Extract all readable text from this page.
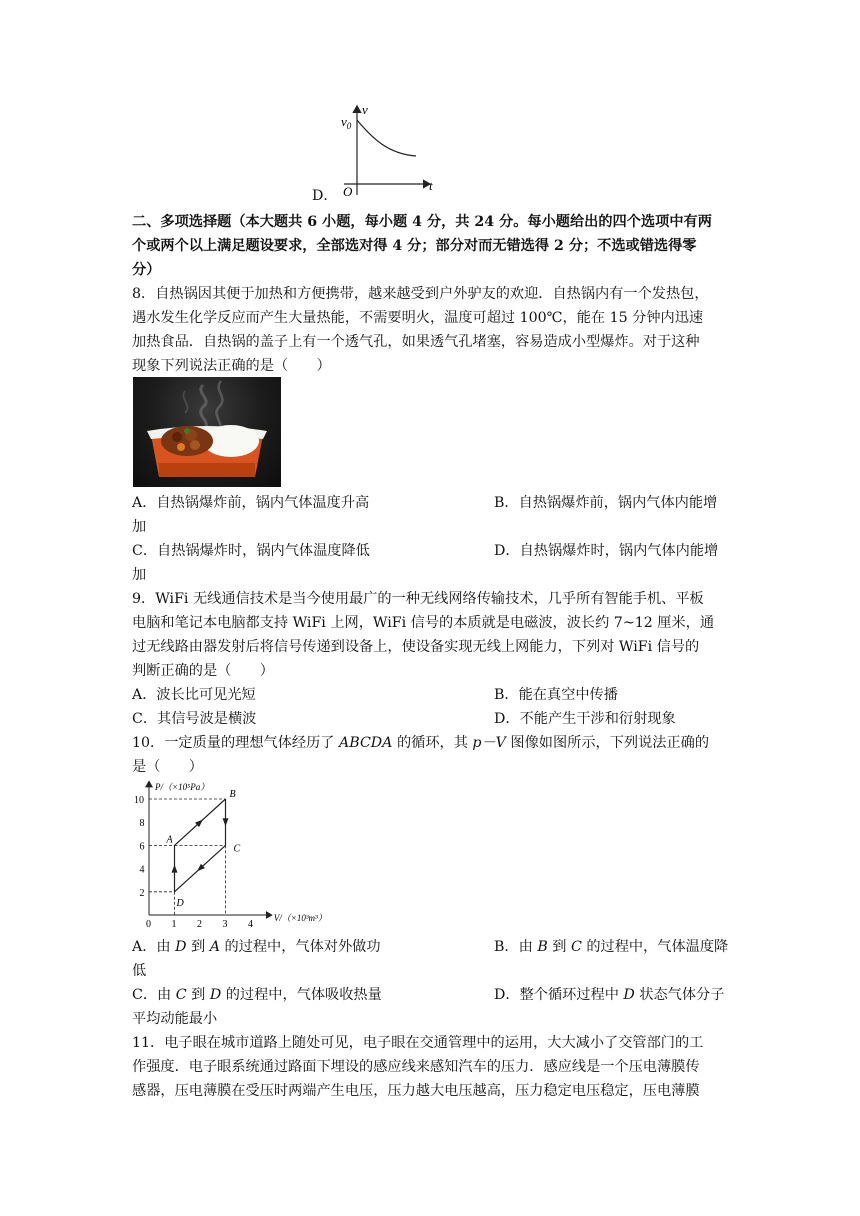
D．
$v_0$
v
O	t
二、多项选择题（本大题共 6 小题，每小题 4 分，共 24 分。每小题给出的四个选项中有两
个或两个以上满足题设要求，全部选对得 4 分；部分对而无错选得 2 分；不选或错选得零
分）
8．自热锅因其便于加热和方便携带，越来越受到户外驴友的欢迎．自热锅内有一个发热包，
遇水发生化学反应而产生大量热能，不需要明火，温度可超过 100℃，能在 15 分钟内迅速
加热食品．自热锅的盖子上有一个透气孔，如果透气孔堵塞，容易造成小型爆炸。对于这种
现象下列说法正确的是（　　）
A．自热锅爆炸前，锅内气体温度升高	B．自热锅爆炸前，锅内气体内能增
加
C．自热锅爆炸时，锅内气体温度降低	D．自热锅爆炸时，锅内气体内能增
加
9．WiFi 无线通信技术是当今使用最广的一种无线网络传输技术，几乎所有智能手机、平板
电脑和笔记本电脑都支持 WiFi 上网，WiFi 信号的本质就是电磁波，波长约 7~12 厘米，通
过无线路由器发射后将信号传递到设备上，使设备实现无线上网能力，下列对 WiFi 信号的
判断正确的是（　　）
A．波长比可见光短	B．能在真空中传播
C．其信号波是横波	D．不能产生干涉和衍射现象
10．一定质量的理想气体经历了 ABCDA 的循环，其 p－V 图像如图所示，下列说法正确的
是（　　）
P/（×10⁵Pa）
V/（×10³m³）
0 1 2 3 4
2
4
6
8
10
A
B
C
D
A．由 D 到 A 的过程中，气体对外做功	B．由 B 到 C 的过程中，气体温度降
低
C．由 C 到 D 的过程中，气体吸收热量	D．整个循环过程中 D 状态气体分子
平均动能最小
11．电子眼在城市道路上随处可见，电子眼在交通管理中的运用，大大减小了交管部门的工
作强度．电子眼系统通过路面下埋设的感应线来感知汽车的压力．感应线是一个压电薄膜传
感器，压电薄膜在受压时两端产生电压，压力越大电压越高，压力稳定电压稳定，压电薄膜
